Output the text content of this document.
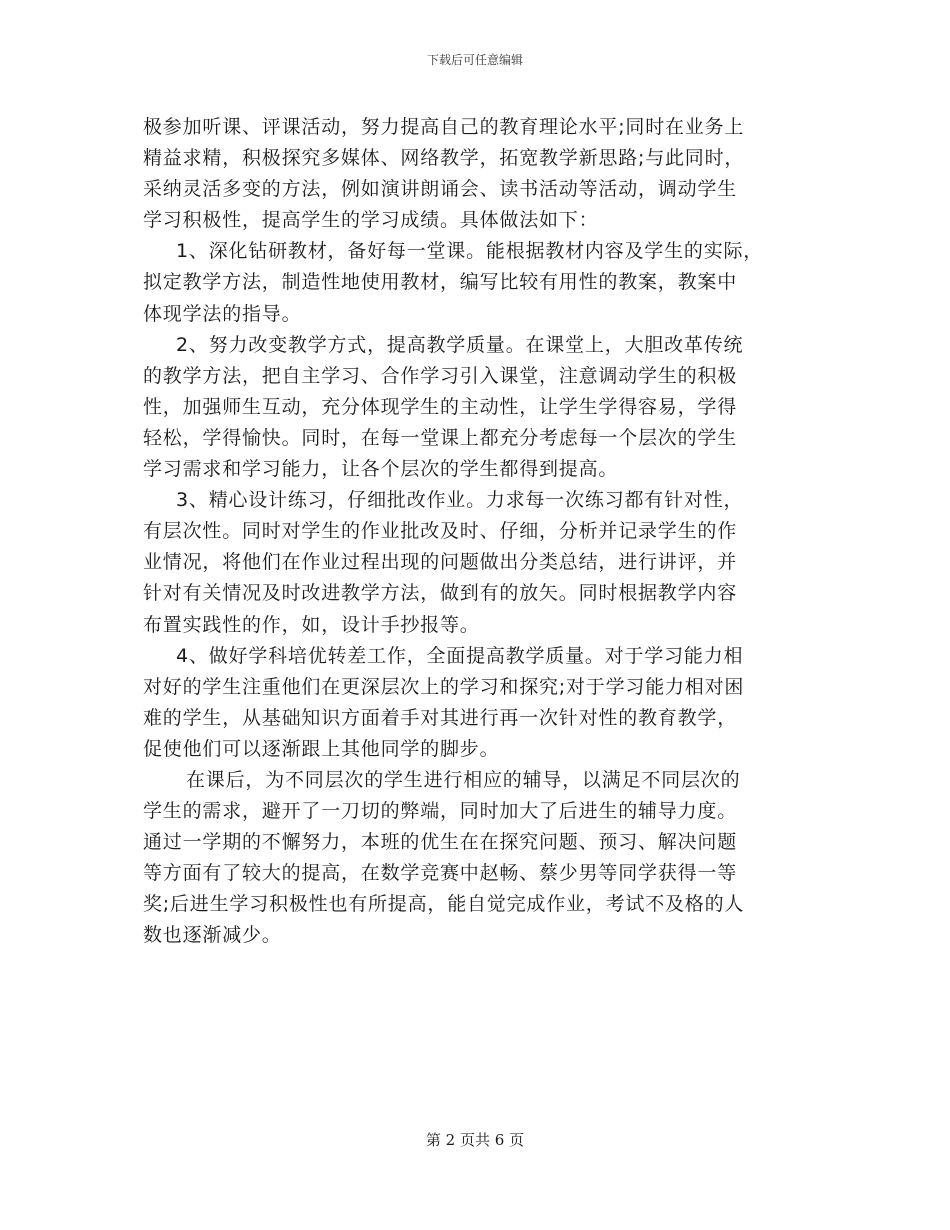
下载后可任意编辑
极参加听课、评课活动，努力提高自己的教育理论水平;同时在业务上
精益求精，积极探究多媒体、网络教学，拓宽教学新思路;与此同时，
采纳灵活多变的方法，例如演讲朗诵会、读书活动等活动，调动学生
学习积极性，提高学生的学习成绩。具体做法如下：
1、深化钻研教材，备好每一堂课。能根据教材内容及学生的实际，
拟定教学方法，制造性地使用教材，编写比较有用性的教案，教案中
体现学法的指导。
2、努力改变教学方式，提高教学质量。在课堂上，大胆改革传统
的教学方法，把自主学习、合作学习引入课堂，注意调动学生的积极
性，加强师生互动，充分体现学生的主动性，让学生学得容易，学得
轻松，学得愉快。同时，在每一堂课上都充分考虑每一个层次的学生
学习需求和学习能力，让各个层次的学生都得到提高。
3、精心设计练习，仔细批改作业。力求每一次练习都有针对性，
有层次性。同时对学生的作业批改及时、仔细，分析并记录学生的作
业情况，将他们在作业过程出现的问题做出分类总结，进行讲评，并
针对有关情况及时改进教学方法，做到有的放矢。同时根据教学内容
布置实践性的作，如，设计手抄报等。
4、做好学科培优转差工作，全面提高教学质量。对于学习能力相
对好的学生注重他们在更深层次上的学习和探究;对于学习能力相对困
难的学生，从基础知识方面着手对其进行再一次针对性的教育教学，
促使他们可以逐渐跟上其他同学的脚步。
在课后，为不同层次的学生进行相应的辅导，以满足不同层次的
学生的需求，避开了一刀切的弊端，同时加大了后进生的辅导力度。
通过一学期的不懈努力，本班的优生在在探究问题、预习、解决问题
等方面有了较大的提高，在数学竞赛中赵畅、蔡少男等同学获得一等
奖;后进生学习积极性也有所提高，能自觉完成作业，考试不及格的人
数也逐渐减少。
第 2 页共 6 页
